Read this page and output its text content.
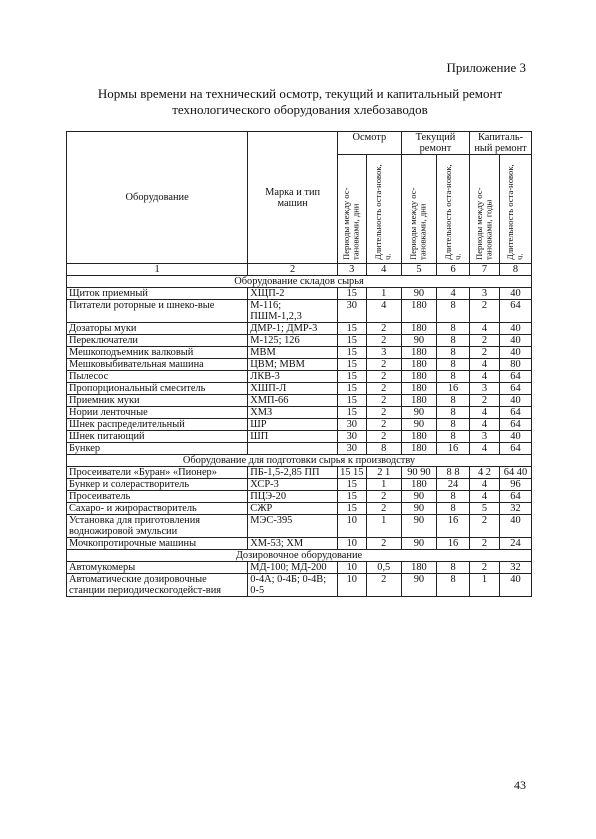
Приложение 3
Нормы времени на технический осмотр, текущий и капитальный ремонт
технологического оборудования хлебозаводов
Оборудование	Марка и тип машин	Осмотр		Текущий ремонт		Капиталь-ный ремонт	

		Периоды между ос-тановками, дни	Длительность оста-новок, ч.	Периоды между ос-тановками, дни	Длительность оста-новок, ч.	Периоды между ос-тановками, годы	Длительность оста-новок, ч.

1	2	3	4	5	6	7	8
Оборудование складов сырья							
Щиток приемный	ХЩП-2	15	1	90	4	3	40
Питатели роторные и шнеко-вые	М-116; ПШМ-1,2,3	30	4	180	8	2	64
Дозаторы муки	ДМР-1; ДМР-3	15	2	180	8	4	40
Переключатели	М-125; 126	15	2	90	8	2	40
Мешкоподъемник валковый	МВМ	15	3	180	8	2	40
Мешковыбивательная машина	ЦВМ; МВМ	15	2	180	8	4	80
Пылесос	ЛКВ-3	15	2	180	8	4	64
Пропорциональный смеситель	ХШП-Л	15	2	180	16	3	64
Приемник муки	ХМП-66	15	2	180	8	2	40
Нории ленточные	ХМЗ	15	2	90	8	4	64
Шнек распределительный	ШР	30	2	90	8	4	64
Шнек питающий	ШП	30	2	180	8	3	40
Бункер		30	8	180	16	4	64
Оборудование для подготовки сырья к производству							
Просеиватели «Буран» «Пионер»	ПБ-1,5-2,85 ПП	15 15	2 1	90 90	8 8	4 2	64 40
Бункер и солерастворитель	ХСР-3	15	1	180	24	4	96
Просеиватель	ПЦЭ-20	15	2	90	8	4	64
Сахаро- и жирорастворитель	СЖР	15	2	90	8	5	32
Установка для приготовления водножировой эмульсии	МЭС-395	10	1	90	16	2	40
Мочкопротирочные машины	ХМ-53; ХМ	10	2	90	16	2	24
Дозировочное оборудование							
Автомукомеры	МД-100; МД-200	10	0,5	180	8	2	32
Автоматические дозировочные станции периодическогодейст-вия	0-4А; 0-4Б; 0-4В; 0-5	10	2	90	8	1	40
43
